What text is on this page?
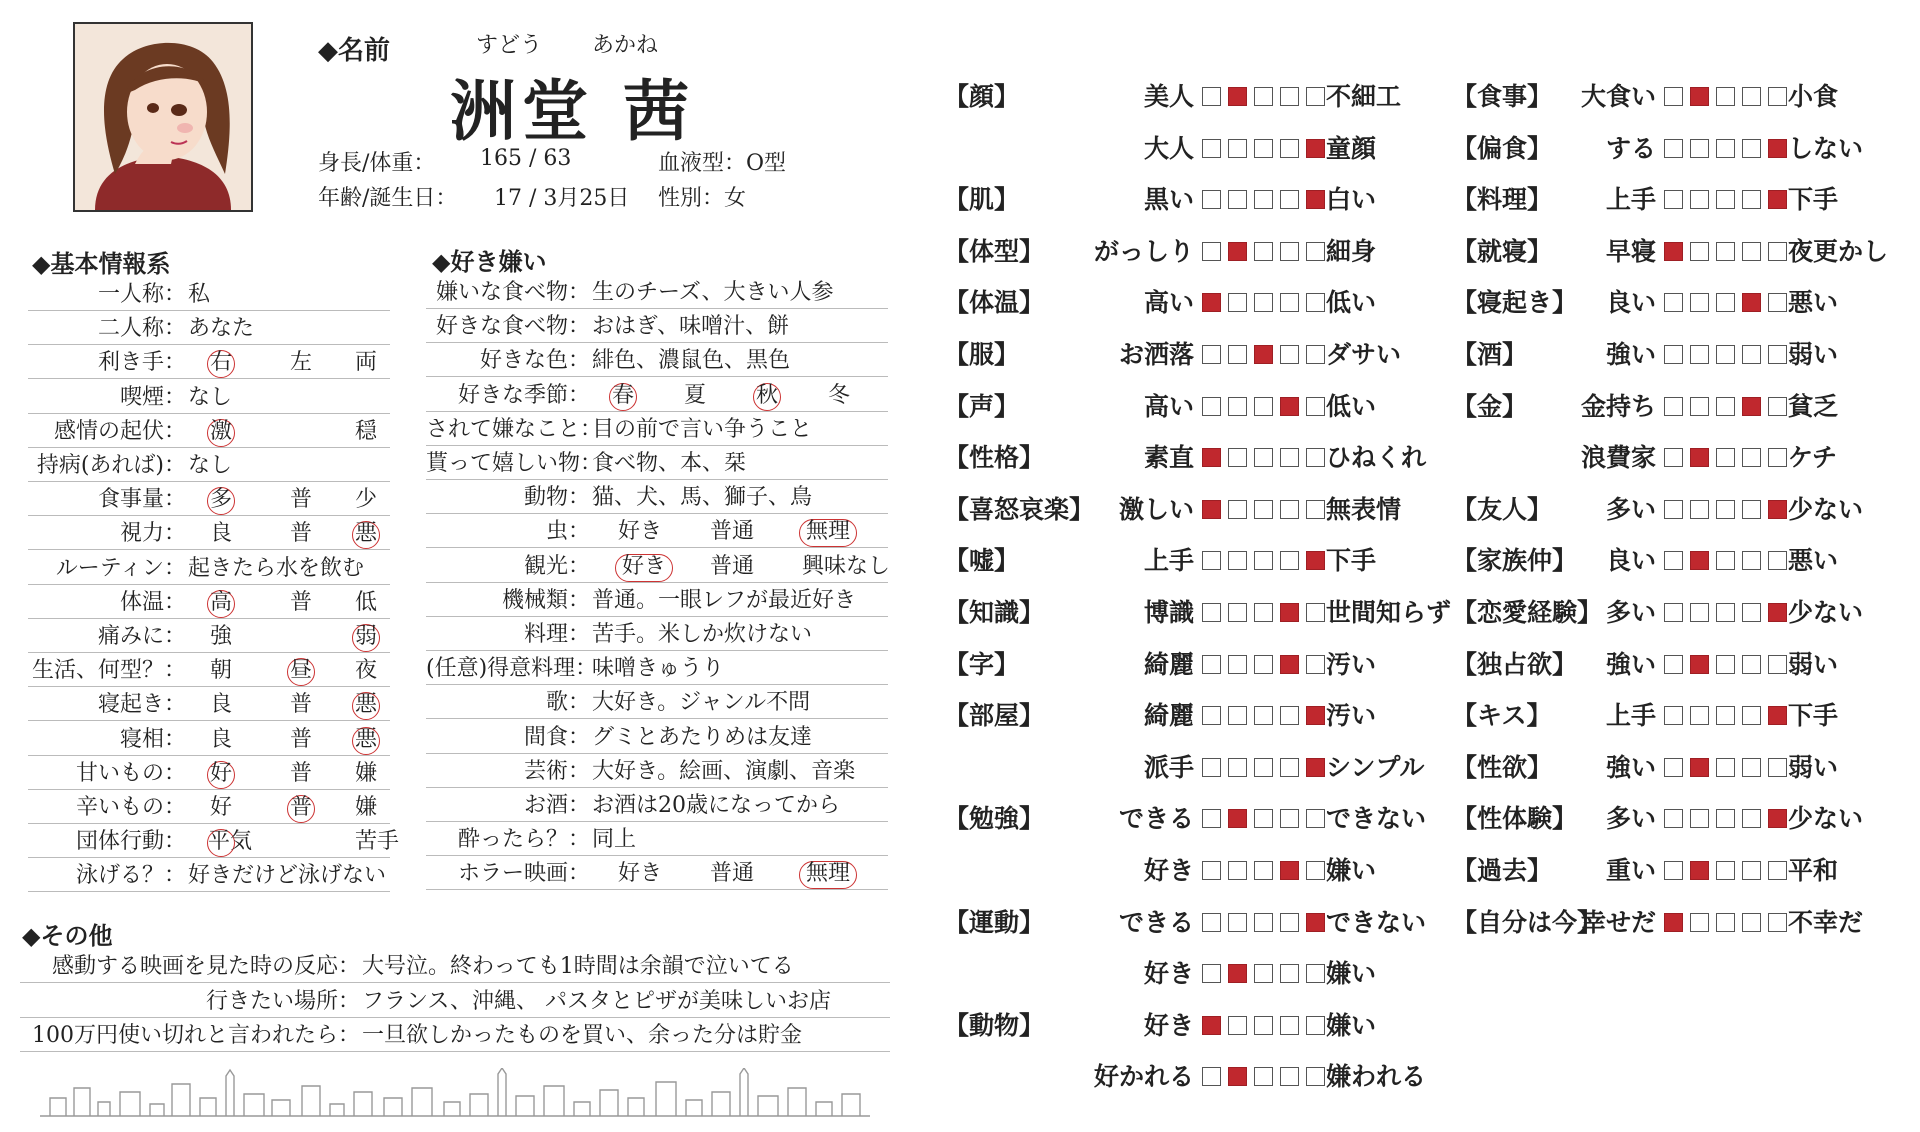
◆名前	すどう あかね
洲堂 茜
身長/体重： 165 / 63	血液型：O型
年齢/誕生日： 17 / 3月25日 性別：女
◆基本情報系	◆好き嫌い
◆その他
一人称： 私
二人称： あなた
利き手： 右	左 両
喫煙： なし
感情の起伏： 激	穏
持病(あれば)： なし
食事量： 多	普 少
視力： 良	普 悪
ルーティン： 起きたら水を飲む
体温： 高	普 低
痛みに： 強	弱
生活、何型？： 朝	昼 夜
寝起き： 良	普 悪
寝相： 良	普 悪
甘いもの： 好	普 嫌
辛いもの： 好	普 嫌
団体行動： 平気	苦手
泳げる？： 好きだけど泳げない
嫌いな食べ物： 生のチーズ、大きい人参
好きな食べ物： おはぎ、味噌汁、餅
好きな色： 緋色、濃鼠色、黒色
好きな季節： 春 夏 秋 冬
されて嫌なこと：
目の前で言い争うこと
貰って嬉しい物：
食べ物、本、栞
動物： 猫、犬、馬、獅子、鳥
虫： 好き 普通 無理
観光： 好き	普通 興味なし
機械類： 普通。一眼レフが最近好き
料理： 苦手。米しか炊けない
(任意)得意料理：
味噌きゅうり
歌： 大好き。ジャンル不問
間食： グミとあたりめは友達
芸術： 大好き。絵画、演劇、音楽
お酒： お酒は20歳になってから
酔ったら？： 同上
ホラー映画： 好き 普通 無理
感動する映画を見た時の反応： 大号泣。終わっても1時間は余韻で泣いてる
行きたい場所： フランス、沖縄、 パスタとピザが美味しいお店
100万円使い切れと言われたら： 一旦欲しかったものを買い、余った分は貯金
【顔】	美人	不細工
大人	童顔
【肌】	黒い	白い
【体型】	がっしり	細身
【体温】	高い	低い
【服】	お洒落	ダサい
【声】	高い	低い
【性格】	素直	ひねくれ
【喜怒哀楽】 激しい	無表情
【嘘】	上手	下手
【知識】	博識	世間知らず
【字】	綺麗	汚い
【部屋】	綺麗	汚い
派手	シンプル
【勉強】	できる	できない
好き	嫌い
【運動】	できる	できない
好き	嫌い
【動物】	好き	嫌い
好かれる	嫌われる
【食事】	大食い	小食
【偏食】	する	しない
【料理】	上手	下手
【就寝】	早寝	夜更かし
【寝起き】	良い	悪い
【酒】	強い	弱い
【金】	金持ち	貧乏
浪費家	ケチ
【友人】	多い	少ない
【家族仲】	良い	悪い
【恋愛経験】 多い	少ない
【独占欲】	強い	弱い
【キス】	上手	下手
【性欲】	強い	弱い
【性体験】	多い	少ない
【過去】	重い	平和
【自分は今】
幸せだ	不幸だ
